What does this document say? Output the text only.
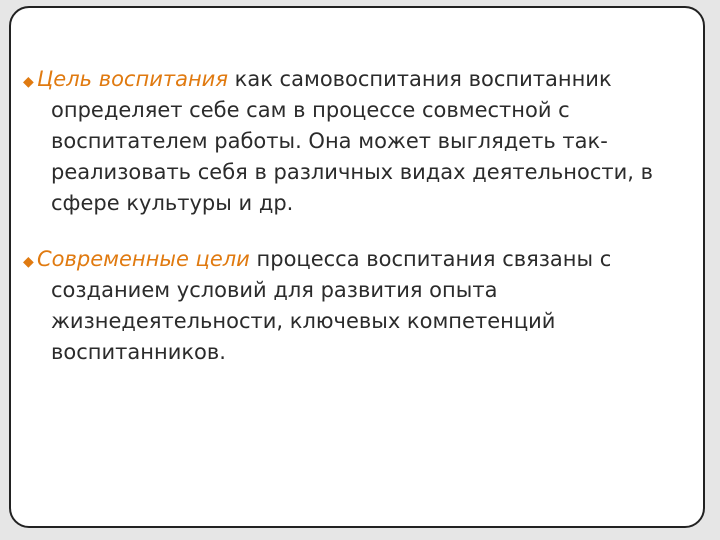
◆ Цель воспитания как самовоспитания воспитанник определяет себе сам в процессе совместной с воспитателем работы. Она может выглядеть так- реализовать себя в различных видах деятельности, в сфере культуры и др.

◆ Современные цели процесса воспитания связаны с созданием условий для развития опыта жизнедеятельности, ключевых компетенций воспитанников.
